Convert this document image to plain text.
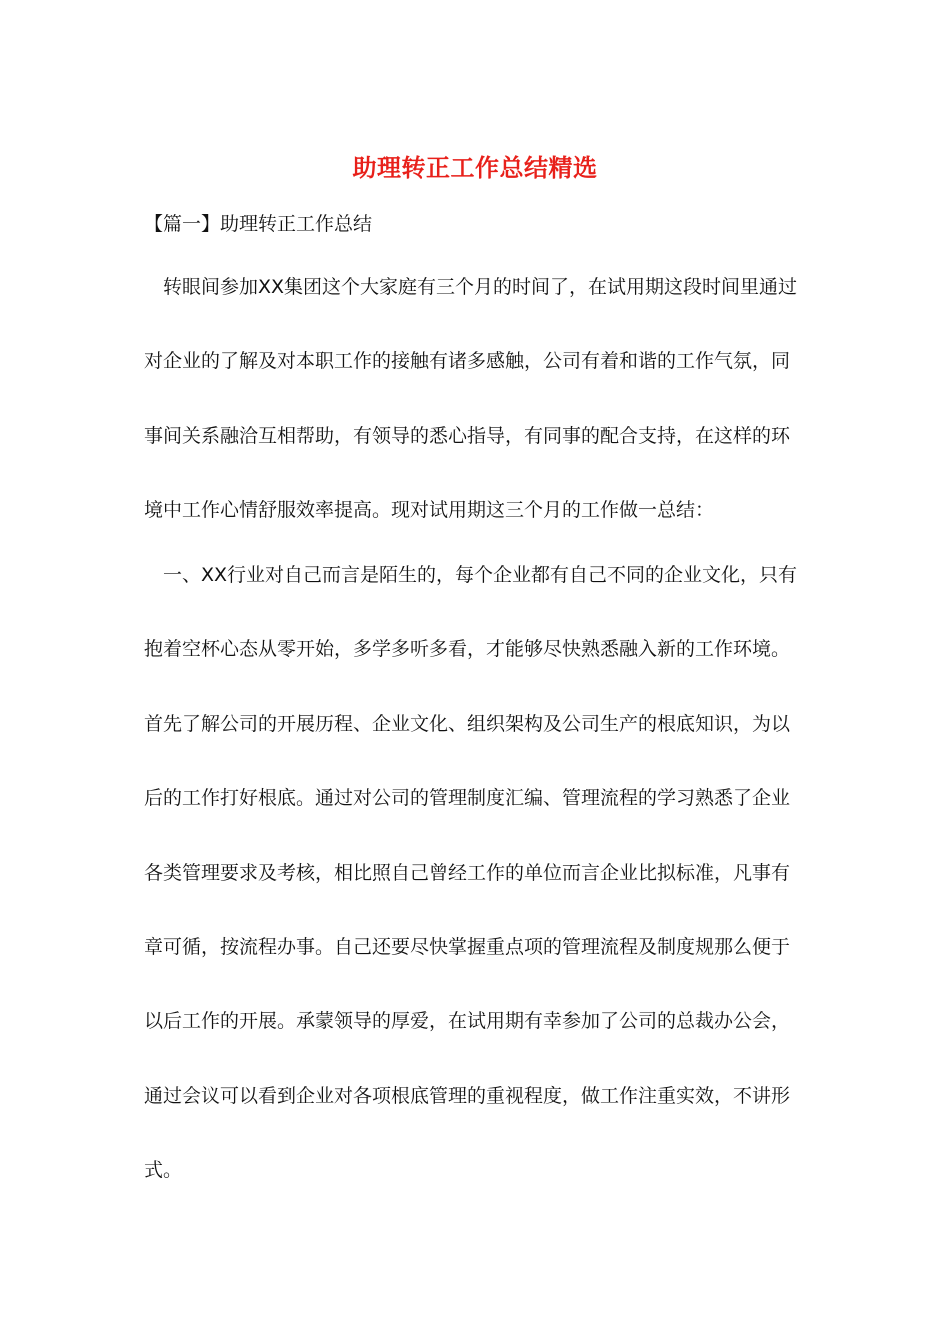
助理转正工作总结精选
【篇一】助理转正工作总结
　转眼间参加XX集团这个大家庭有三个月的时间了，在试用期这段时间里通过
对企业的了解及对本职工作的接触有诸多感触，公司有着和谐的工作气氛，同
事间关系融洽互相帮助，有领导的悉心指导，有同事的配合支持，在这样的环
境中工作心情舒服效率提高。现对试用期这三个月的工作做一总结：
　一、XX行业对自己而言是陌生的，每个企业都有自己不同的企业文化，只有
抱着空杯心态从零开始，多学多听多看，才能够尽快熟悉融入新的工作环境。
首先了解公司的开展历程、企业文化、组织架构及公司生产的根底知识，为以
后的工作打好根底。通过对公司的管理制度汇编、管理流程的学习熟悉了企业
各类管理要求及考核，相比照自己曾经工作的单位而言企业比拟标准，凡事有
章可循，按流程办事。自己还要尽快掌握重点项的管理流程及制度规那么便于
以后工作的开展。承蒙领导的厚爱，在试用期有幸参加了公司的总裁办公会，
通过会议可以看到企业对各项根底管理的重视程度，做工作注重实效，不讲形
式。
